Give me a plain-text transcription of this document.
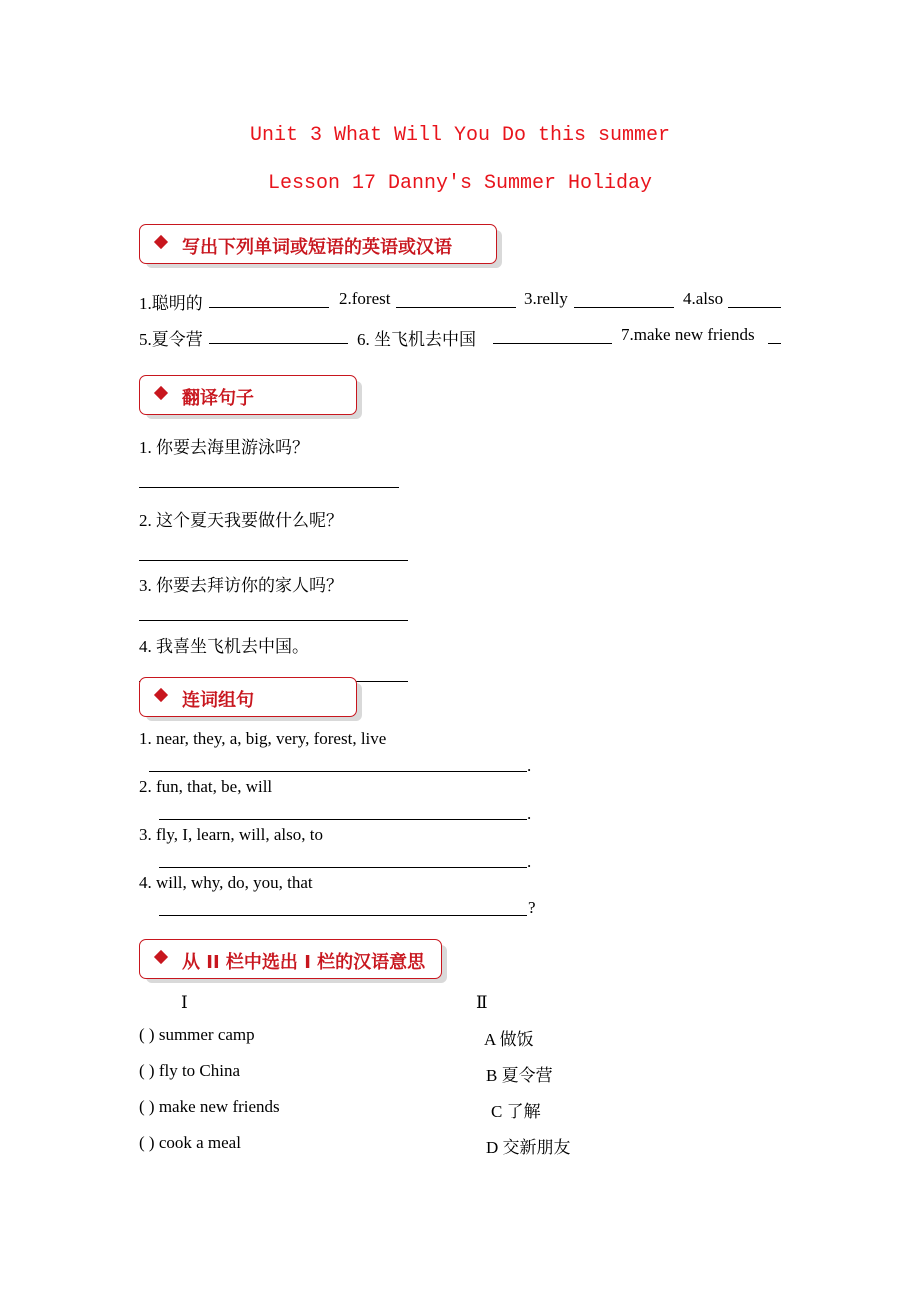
Unit 3 What Will You Do this summer
Lesson 17 Danny's Summer Holiday
写出下列单词或短语的英语或汉语
1.聪明的	2.forest	3.relly	4.also
5.夏令营	6. 坐飞机去中国	7.make new friends
翻译句子
1. 你要去海里游泳吗？
2. 这个夏天我要做什么呢？
3. 你要去拜访你的家人吗？
4. 我喜坐飞机去中国。
连词组句
1. near, they, a, big, very, forest, live
.
2. fun, that, be, will
.
3. fly, I, learn, will, also, to
.
4. will, why, do, you, that
?
从 II 栏中选出 I 栏的汉语意思
Ⅰ	Ⅱ
( ) summer camp	A 做饭
( ) fly to China	B 夏令营
( ) make new friends	C 了解
( ) cook a meal	D 交新朋友
